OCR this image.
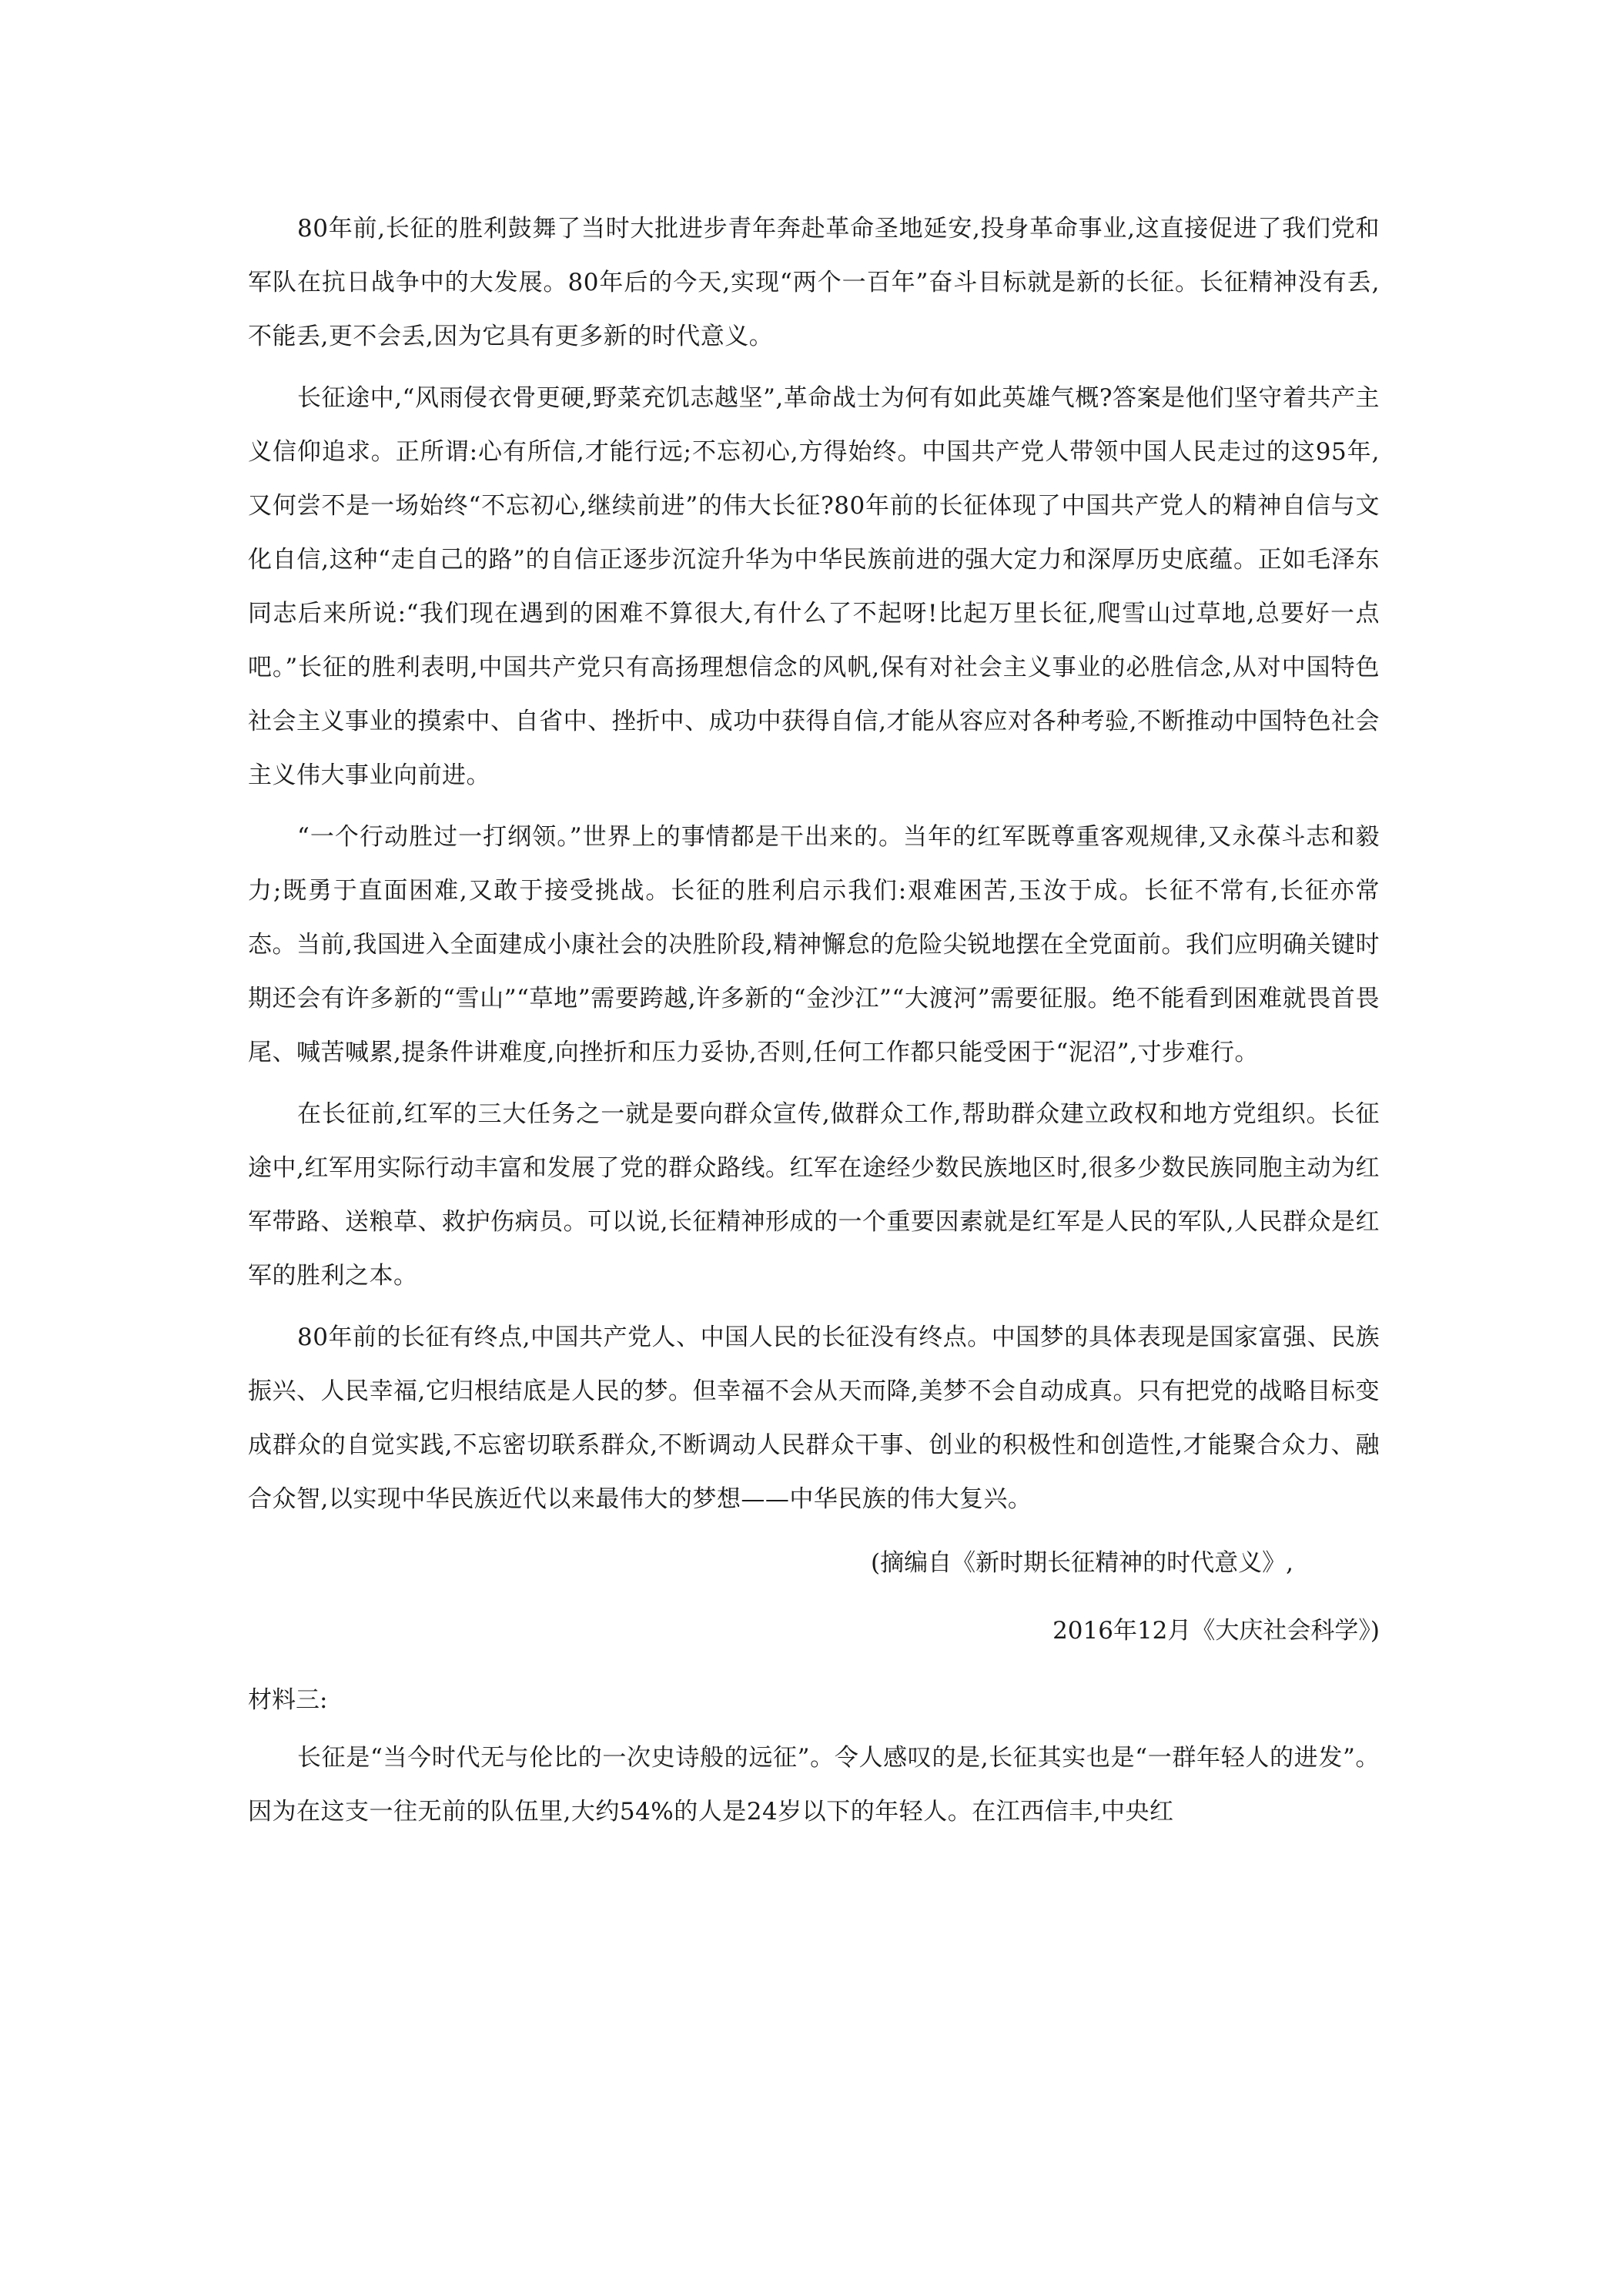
80年前,长征的胜利鼓舞了当时大批进步青年奔赴革命圣地延安,投身革命事业,这直接促进了我们党和军队在抗日战争中的大发展。80年后的今天,实现“两个一百年”奋斗目标就是新的长征。长征精神没有丢,不能丢,更不会丢,因为它具有更多新的时代意义。

长征途中,“风雨侵衣骨更硬,野菜充饥志越坚”,革命战士为何有如此英雄气概?答案是他们坚守着共产主义信仰追求。正所谓:心有所信,才能行远;不忘初心,方得始终。中国共产党人带领中国人民走过的这95年,又何尝不是一场始终“不忘初心,继续前进”的伟大长征?80年前的长征体现了中国共产党人的精神自信与文化自信,这种“走自己的路”的自信正逐步沉淀升华为中华民族前进的强大定力和深厚历史底蕴。正如毛泽东同志后来所说:“我们现在遇到的困难不算很大,有什么了不起呀!比起万里长征,爬雪山过草地,总要好一点吧。”长征的胜利表明,中国共产党只有高扬理想信念的风帆,保有对社会主义事业的必胜信念,从对中国特色社会主义事业的摸索中、自省中、挫折中、成功中获得自信,才能从容应对各种考验,不断推动中国特色社会主义伟大事业向前进。

“一个行动胜过一打纲领。”世界上的事情都是干出来的。当年的红军既尊重客观规律,又永葆斗志和毅力;既勇于直面困难,又敢于接受挑战。长征的胜利启示我们:艰难困苦,玉汝于成。长征不常有,长征亦常态。当前,我国进入全面建成小康社会的决胜阶段,精神懈怠的危险尖锐地摆在全党面前。我们应明确关键时期还会有许多新的“雪山”“草地”需要跨越,许多新的“金沙江”“大渡河”需要征服。绝不能看到困难就畏首畏尾、喊苦喊累,提条件讲难度,向挫折和压力妥协,否则,任何工作都只能受困于“泥沼”,寸步难行。

在长征前,红军的三大任务之一就是要向群众宣传,做群众工作,帮助群众建立政权和地方党组织。长征途中,红军用实际行动丰富和发展了党的群众路线。红军在途经少数民族地区时,很多少数民族同胞主动为红军带路、送粮草、救护伤病员。可以说,长征精神形成的一个重要因素就是红军是人民的军队,人民群众是红军的胜利之本。

80年前的长征有终点,中国共产党人、中国人民的长征没有终点。中国梦的具体表现是国家富强、民族振兴、人民幸福,它归根结底是人民的梦。但幸福不会从天而降,美梦不会自动成真。只有把党的战略目标变成群众的自觉实践,不忘密切联系群众,不断调动人民群众干事、创业的积极性和创造性,才能聚合众力、融合众智,以实现中华民族近代以来最伟大的梦想——中华民族的伟大复兴。

(摘编自《新时期长征精神的时代意义》,
2016年12月《大庆社会科学》)
材料三:

长征是“当今时代无与伦比的一次史诗般的远征”。令人感叹的是,长征其实也是“一群年轻人的进发”。因为在这支一往无前的队伍里,大约54%的人是24岁以下的年轻人。在江西信丰,中央红
